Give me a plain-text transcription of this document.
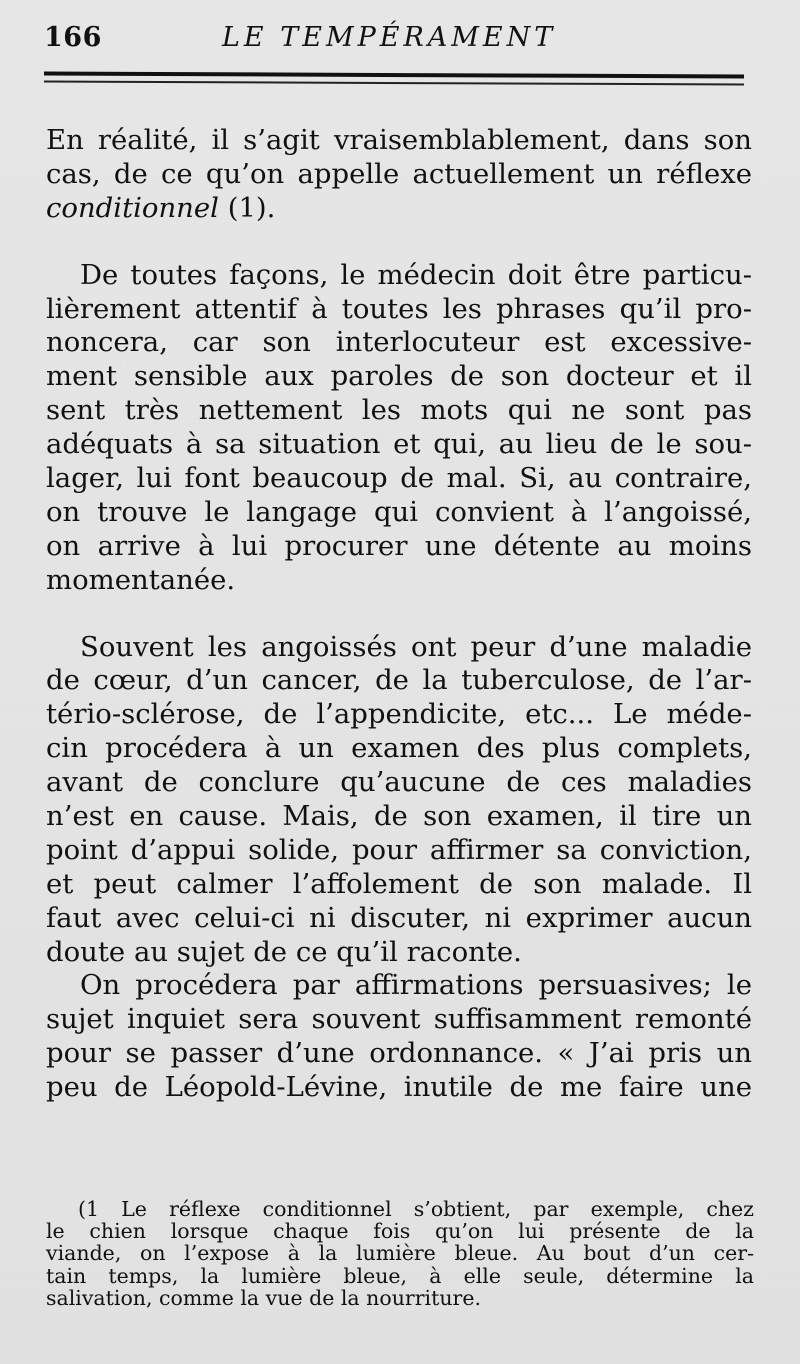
166	LE TEMPÉRAMENT
En réalité, il s’agit vraisemblablement, dans son
cas, de ce qu’on appelle actuellement un réflexe
conditionnel (1).
De toutes façons, le médecin doit être particu-
lièrement attentif à toutes les phrases qu’il pro-
noncera, car son interlocuteur est excessive-
ment sensible aux paroles de son docteur et il
sent très nettement les mots qui ne sont pas
adéquats à sa situation et qui, au lieu de le sou-
lager, lui font beaucoup de mal. Si, au contraire,
on trouve le langage qui convient à l’angoissé,
on arrive à lui procurer une détente au moins
momentanée.
Souvent les angoissés ont peur d’une maladie
de cœur, d’un cancer, de la tuberculose, de l’ar-
tério-sclérose, de l’appendicite, etc... Le méde-
cin procédera à un examen des plus complets,
avant de conclure qu’aucune de ces maladies
n’est en cause. Mais, de son examen, il tire un
point d’appui solide, pour affirmer sa conviction,
et peut calmer l’affolement de son malade. Il
faut avec celui-ci ni discuter, ni exprimer aucun
doute au sujet de ce qu’il raconte.
On procédera par affirmations persuasives; le
sujet inquiet sera souvent suffisamment remonté
pour se passer d’une ordonnance. « J’ai pris un
peu de Léopold-Lévine, inutile de me faire une
(1 Le réflexe conditionnel s’obtient, par exemple, chez
le chien lorsque chaque fois qu’on lui présente de la
viande, on l’expose à la lumière bleue. Au bout d’un cer-
tain temps, la lumière bleue, à elle seule, détermine la
salivation, comme la vue de la nourriture.
